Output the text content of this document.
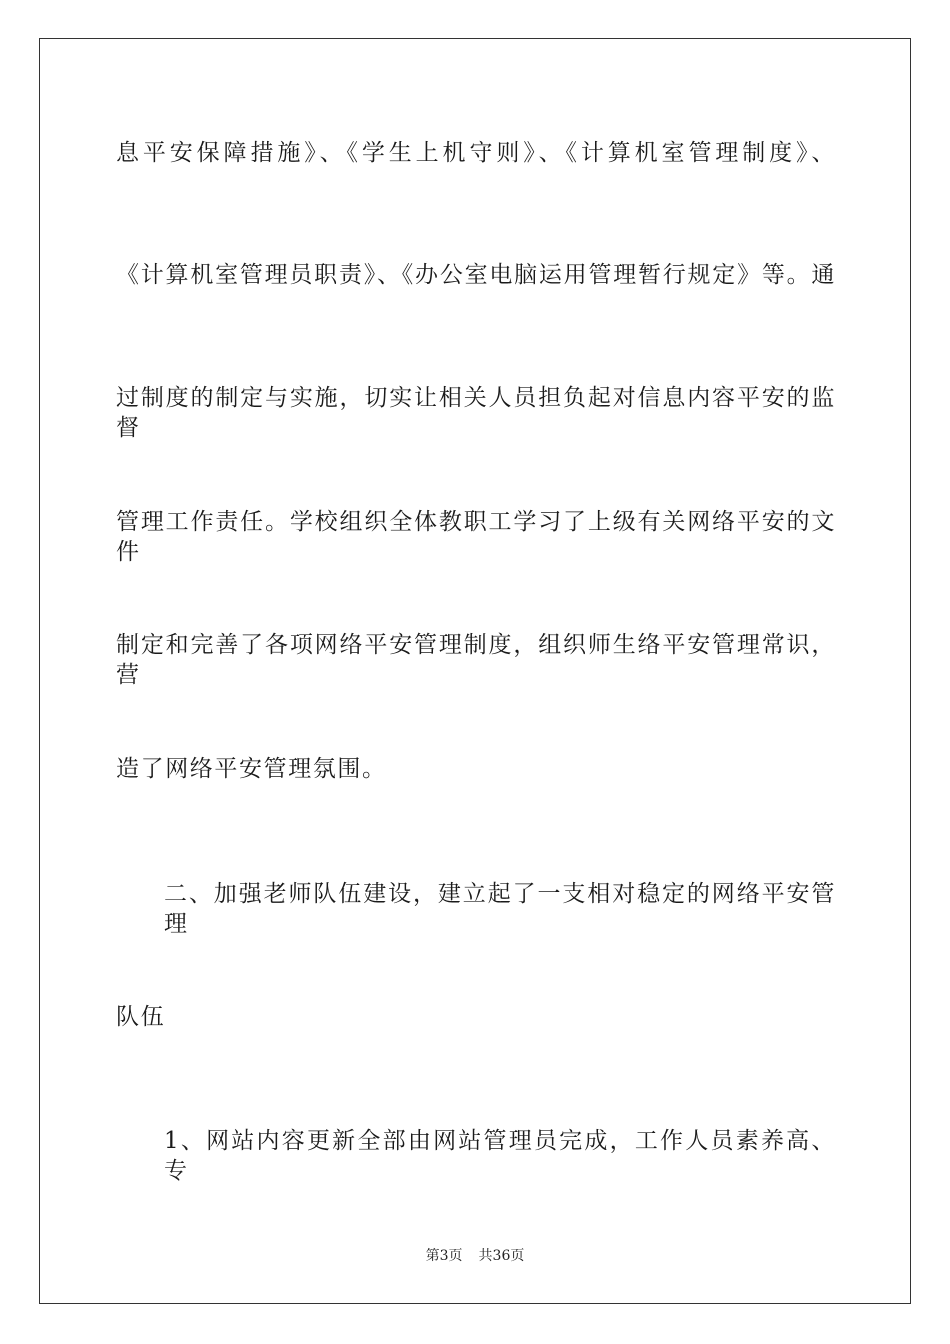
息平安保障措施》、《学生上机守则》、《计算机室管理制度》、
《计算机室管理员职责》、《办公室电脑运用管理暂行规定》等。通
过制度的制定与实施，切实让相关人员担负起对信息内容平安的监督
管理工作责任。学校组织全体教职工学习了上级有关网络平安的文件
制定和完善了各项网络平安管理制度，组织师生络平安管理常识，营
造了网络平安管理氛围。
二、加强老师队伍建设，建立起了一支相对稳定的网络平安管理
队伍
1、网站内容更新全部由网站管理员完成，工作人员素养高、专
第3页 共36页
